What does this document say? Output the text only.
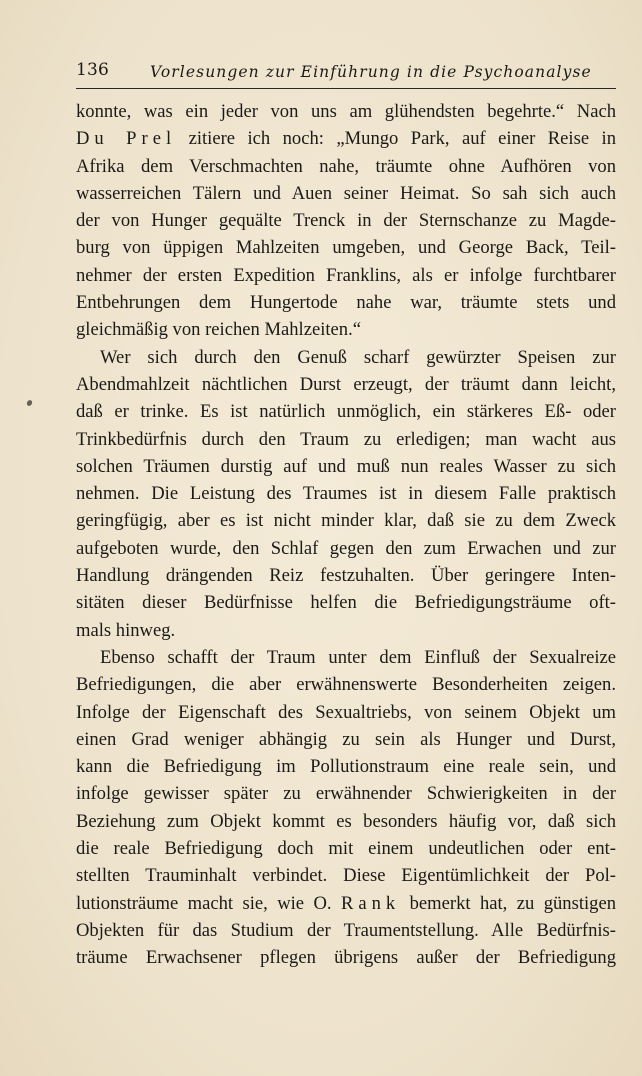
136	Vorlesungen zur Einführung in die Psychoanalyse
konnte, was ein jeder von uns am glühendsten begehrte.“ Nach
Du Prel zitiere ich noch: „Mungo Park, auf einer Reise in
Afrika dem Verschmachten nahe, träumte ohne Aufhören von
wasserreichen Tälern und Auen seiner Heimat. So sah sich auch
der von Hunger gequälte Trenck in der Sternschanze zu Magde-
burg von üppigen Mahlzeiten umgeben, und George Back, Teil-
nehmer der ersten Expedition Franklins, als er infolge furchtbarer
Entbehrungen dem Hungertode nahe war, träumte stets und
gleichmäßig von reichen Mahlzeiten.“
Wer sich durch den Genuß scharf gewürzter Speisen zur
Abendmahlzeit nächtlichen Durst erzeugt, der träumt dann leicht,
daß er trinke. Es ist natürlich unmöglich, ein stärkeres Eß- oder
Trinkbedürfnis durch den Traum zu erledigen; man wacht aus
solchen Träumen durstig auf und muß nun reales Wasser zu sich
nehmen. Die Leistung des Traumes ist in diesem Falle praktisch
geringfügig, aber es ist nicht minder klar, daß sie zu dem Zweck
aufgeboten wurde, den Schlaf gegen den zum Erwachen und zur
Handlung drängenden Reiz festzuhalten. Über geringere Inten-
sitäten dieser Bedürfnisse helfen die Befriedigungsträume oft-
mals hinweg.
Ebenso schafft der Traum unter dem Einfluß der Sexualreize
Befriedigungen, die aber erwähnenswerte Besonderheiten zeigen.
Infolge der Eigenschaft des Sexualtriebs, von seinem Objekt um
einen Grad weniger abhängig zu sein als Hunger und Durst,
kann die Befriedigung im Pollutionstraum eine reale sein, und
infolge gewisser später zu erwähnender Schwierigkeiten in der
Beziehung zum Objekt kommt es besonders häufig vor, daß sich
die reale Befriedigung doch mit einem undeutlichen oder ent-
stellten Trauminhalt verbindet. Diese Eigentümlichkeit der Pol-
lutionsträume macht sie, wie O. Rank bemerkt hat, zu günstigen
Objekten für das Studium der Traumentstellung. Alle Bedürfnis-
träume Erwachsener pflegen übrigens außer der Befriedigung
